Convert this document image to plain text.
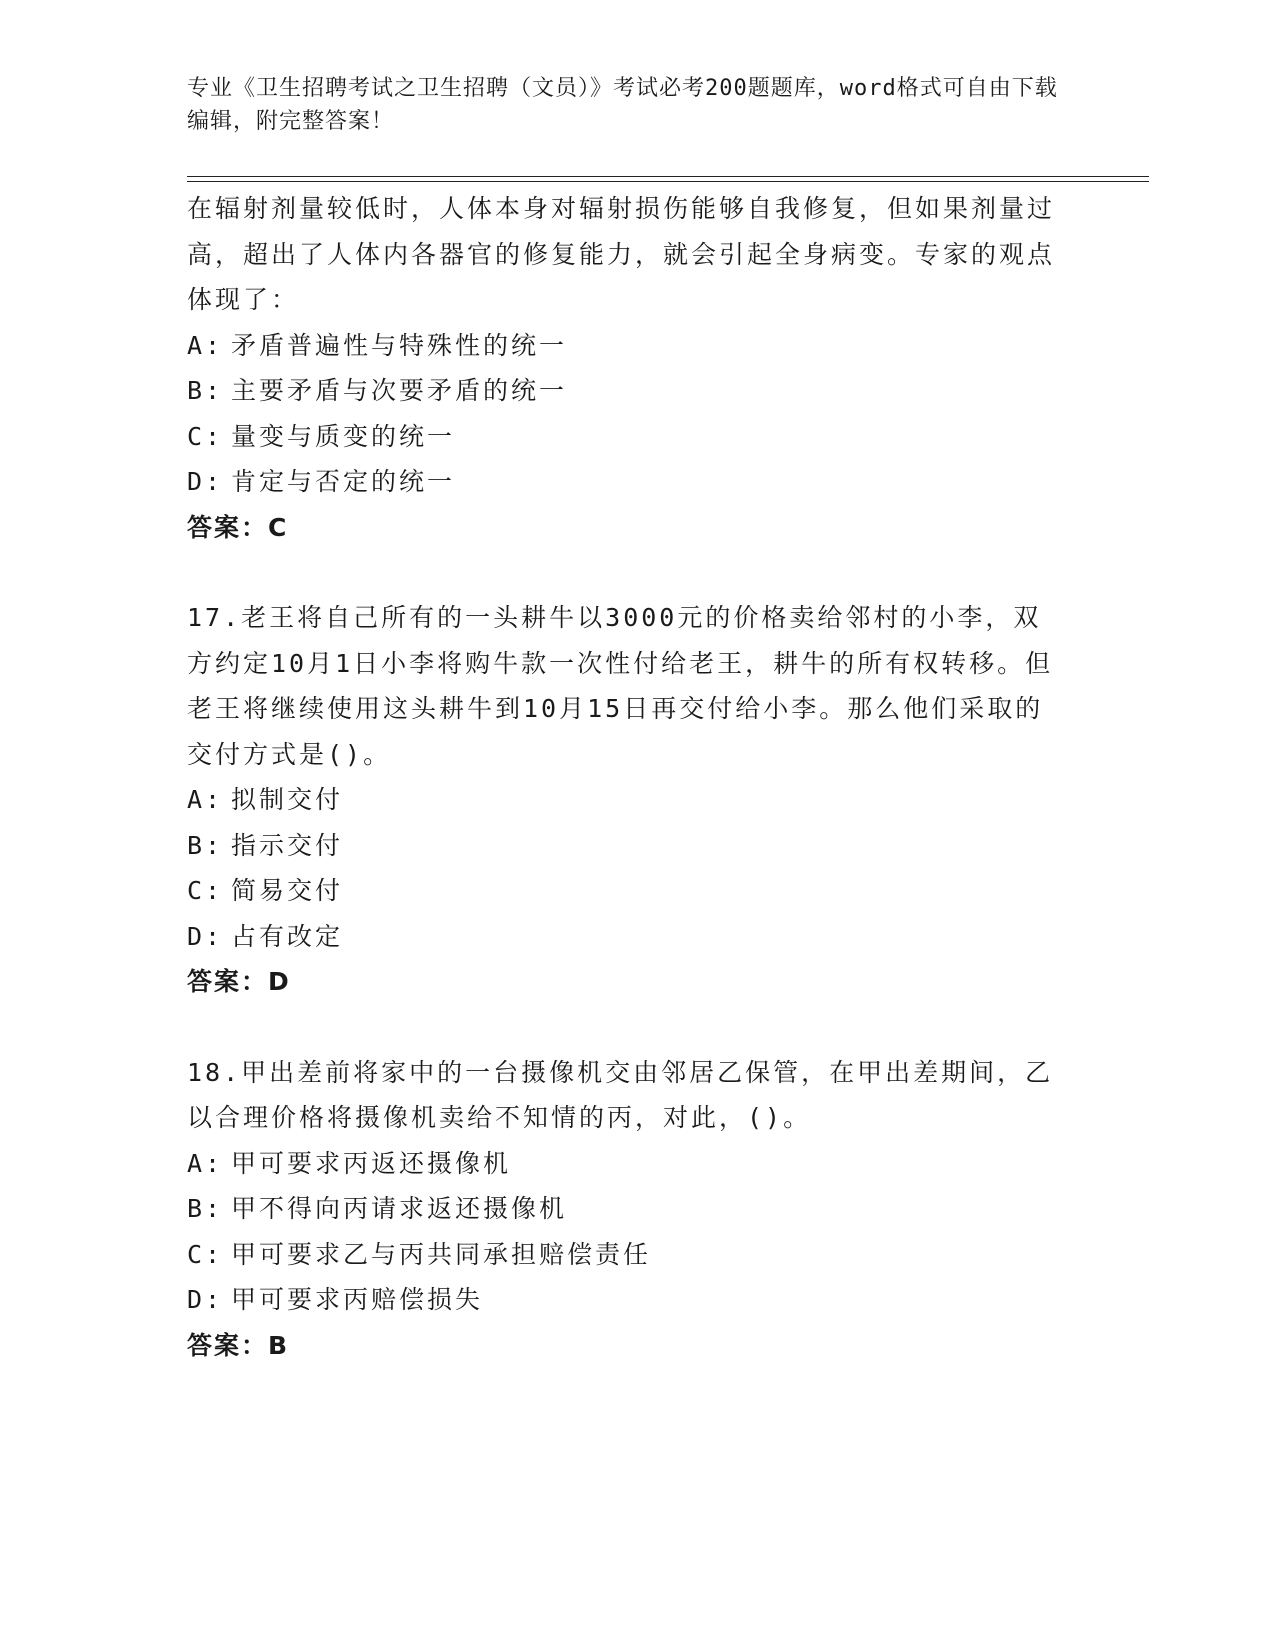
专业《卫生招聘考试之卫生招聘（文员）》考试必考200题题库，word格式可自由下载编辑，附完整答案！
在辐射剂量较低时，人体本身对辐射损伤能够自我修复，但如果剂量过高，超出了人体内各器官的修复能力，就会引起全身病变。专家的观点体现了：
A: 矛盾普遍性与特殊性的统一
B: 主要矛盾与次要矛盾的统一
C: 量变与质变的统一
D: 肯定与否定的统一
答案：C
17.老王将自己所有的一头耕牛以3000元的价格卖给邻村的小李，双方约定10月1日小李将购牛款一次性付给老王，耕牛的所有权转移。但老王将继续使用这头耕牛到10月15日再交付给小李。那么他们采取的交付方式是()。
A: 拟制交付
B: 指示交付
C: 简易交付
D: 占有改定
答案：D
18.甲出差前将家中的一台摄像机交由邻居乙保管，在甲出差期间，乙以合理价格将摄像机卖给不知情的丙，对此，()。
A: 甲可要求丙返还摄像机
B: 甲不得向丙请求返还摄像机
C: 甲可要求乙与丙共同承担赔偿责任
D: 甲可要求丙赔偿损失
答案：B
